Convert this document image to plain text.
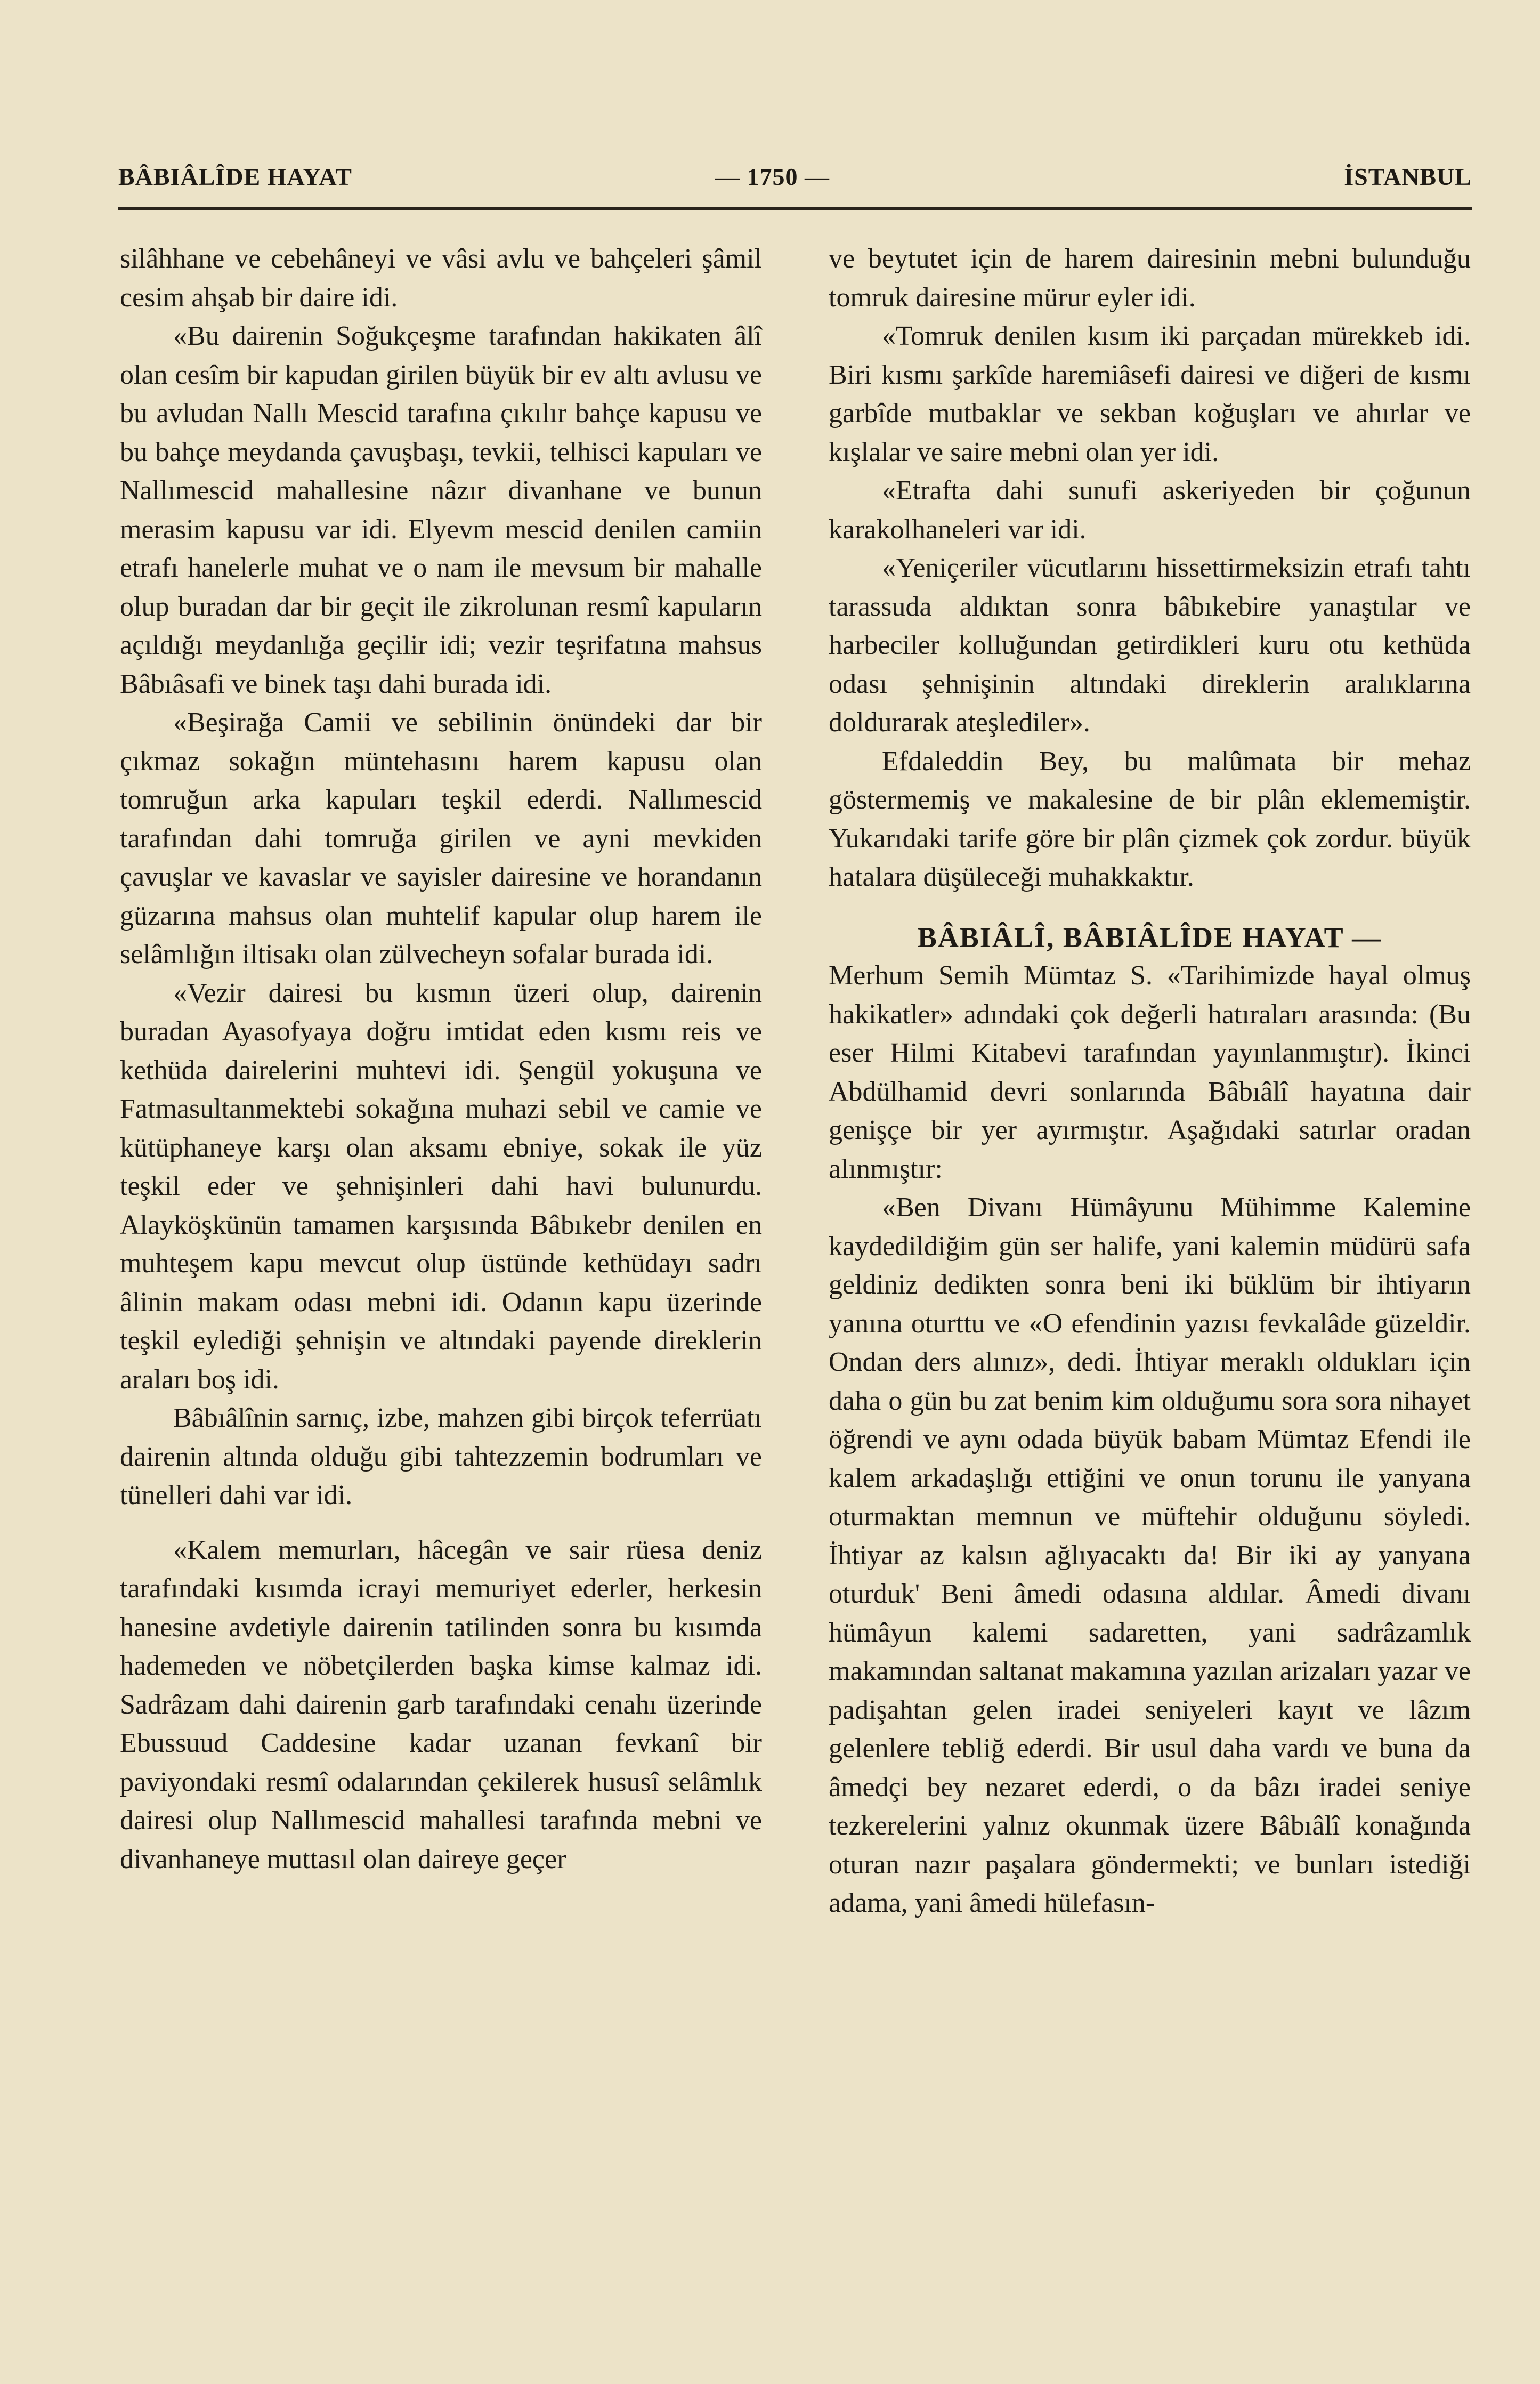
BÂBIÂLÎDE HAYAT	— 1750 —	İSTANBUL

silâhhane ve cebehâneyi ve vâsi avlu ve bahçeleri şâmil cesim ahşab bir daire idi.

«Bu dairenin Soğukçeşme tarafından hakikaten âlî olan cesîm bir kapudan girilen büyük bir ev altı avlusu ve bu avludan Nallı Mescid tarafına çıkılır bahçe kapusu ve bu bahçe meydanda çavuşbaşı, tevkii, telhisci kapuları ve Nallımescid mahallesine nâzır divanhane ve bunun merasim kapusu var idi. Elyevm mescid denilen camiin etrafı hanelerle muhat ve o nam ile mevsum bir mahalle olup buradan dar bir geçit ile zikrolunan resmî kapuların açıldığı meydanlığa geçilir idi; vezir teşrifatına mahsus Bâbıâsafi ve binek taşı dahi burada idi.

«Beşirağa Camii ve sebilinin önündeki dar bir çıkmaz sokağın müntehasını harem kapusu olan tomruğun arka kapuları teşkil ederdi. Nallımescid tarafından dahi tomruğa girilen ve ayni mevkiden çavuşlar ve kavaslar ve sayisler dairesine ve horandanın güzarına mahsus olan muhtelif kapular olup harem ile selâmlığın iltisakı olan zülvecheyn sofalar burada idi.

«Vezir dairesi bu kısmın üzeri olup, dairenin buradan Ayasofyaya doğru imtidat eden kısmı reis ve kethüda dairelerini muhtevi idi. Şengül yokuşuna ve Fatmasultanmektebi sokağına muhazi sebil ve camie ve kütüphaneye karşı olan aksamı ebniye, sokak ile yüz teşkil eder ve şehnişinleri dahi havi bulunurdu. Alayköşkünün tamamen karşısında Bâbıkebr denilen en muhteşem kapu mevcut olup üstünde kethüdayı sadrı âlinin makam odası mebni idi. Odanın kapu üzerinde teşkil eylediği şehnişin ve altındaki payende direklerin araları boş idi.

Bâbıâlînin sarnıç, izbe, mahzen gibi birçok teferrüatı dairenin altında olduğu gibi tahtezzemin bodrumları ve tünelleri dahi var idi.

«Kalem memurları, hâcegân ve sair rüesa deniz tarafındaki kısımda icrayi memuriyet ederler, herkesin hanesine avdetiyle dairenin tatilinden sonra bu kısımda hademeden ve nöbetçilerden başka kimse kalmaz idi. Sadrâzam dahi dairenin garb tarafındaki cenahı üzerinde Ebussuud Caddesine kadar uzanan fevkanî bir paviyondaki resmî odalarından çekilerek hususî selâmlık dairesi olup Nallımescid mahallesi tarafında mebni ve divanhaneye muttasıl olan daireye geçer

ve beytutet için de harem dairesinin mebni bulunduğu tomruk dairesine mürur eyler idi.

«Tomruk denilen kısım iki parçadan mürekkeb idi. Biri kısmı şarkîde haremiâsefi dairesi ve diğeri de kısmı garbîde mutbaklar ve sekban koğuşları ve ahırlar ve kışlalar ve saire mebni olan yer idi.

«Etrafta dahi sunufi askeriyeden bir çoğunun karakolhaneleri var idi.

«Yeniçeriler vücutlarını hissettirmeksizin etrafı tahtı tarassuda aldıktan sonra bâbıkebire yanaştılar ve harbeciler kolluğundan getirdikleri kuru otu kethüda odası şehnişinin altındaki direklerin aralıklarına doldurarak ateşlediler».

Efdaleddin Bey, bu malûmata bir mehaz göstermemiş ve makalesine de bir plân eklememiştir. Yukarıdaki tarife göre bir plân çizmek çok zordur. büyük hatalara düşüleceği muhakkaktır.

BÂBIÂLÎ, BÂBIÂLÎDE HAYAT —

Merhum Semih Mümtaz S. «Tarihimizde hayal olmuş hakikatler» adındaki çok değerli hatıraları arasında: (Bu eser Hilmi Kitabevi tarafından yayınlanmıştır). İkinci Abdülhamid devri sonlarında Bâbıâlî hayatına dair genişçe bir yer ayırmıştır. Aşağıdaki satırlar oradan alınmıştır:

«Ben Divanı Hümâyunu Mühimme Kalemine kaydedildiğim gün ser halife, yani kalemin müdürü safa geldiniz dedikten sonra beni iki büklüm bir ihtiyarın yanına oturttu ve «O efendinin yazısı fevkalâde güzeldir. Ondan ders alınız», dedi. İhtiyar meraklı oldukları için daha o gün bu zat benim kim olduğumu sora sora nihayet öğrendi ve aynı odada büyük babam Mümtaz Efendi ile kalem arkadaşlığı ettiğini ve onun torunu ile yanyana oturmaktan memnun ve müftehir olduğunu söyledi. İhtiyar az kalsın ağlıyacaktı da! Bir iki ay yanyana oturduk' Beni âmedi odasına aldılar. Âmedi divanı hümâyun kalemi sadaretten, yani sadrâzamlık makamından saltanat makamına yazılan arizaları yazar ve padişahtan gelen iradei seniyeleri kayıt ve lâzım gelenlere tebliğ ederdi. Bir usul daha vardı ve buna da âmedçi bey nezaret ederdi, o da bâzı iradei seniye tezkerelerini yalnız okunmak üzere Bâbıâlî konağında oturan nazır paşalara göndermekti; ve bunları istediği adama, yani âmedi hülefasın-
